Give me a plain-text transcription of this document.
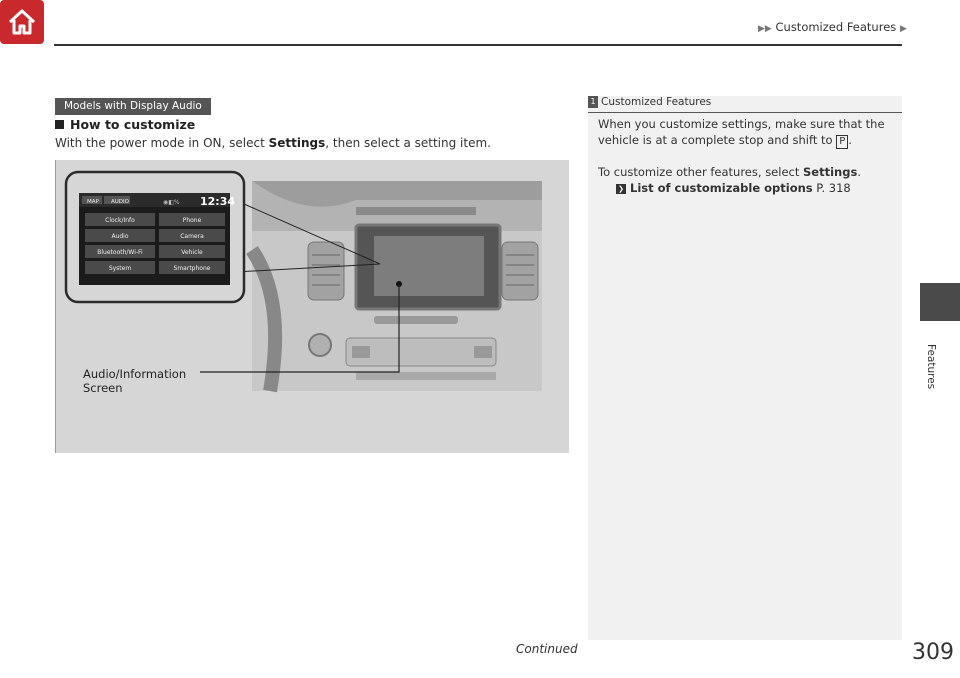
▶▶ Customized Features ▶
Features
Models with Display Audio
How to customize
With the power mode in ON, select Settings, then select a setting item.
MAP AUDIO	◉◧% 12:34
Clock/Info	Phone
Audio	Camera
Bluetooth/Wi-Fi	Vehicle
System	Smartphone
Audio/Information
Screen
1 Customized Features
When you customize settings, make sure that the
vehicle is at a complete stop and shift to P .
To customize other features, select Settings.
❯ List of customizable options P. 318
Continued	309
